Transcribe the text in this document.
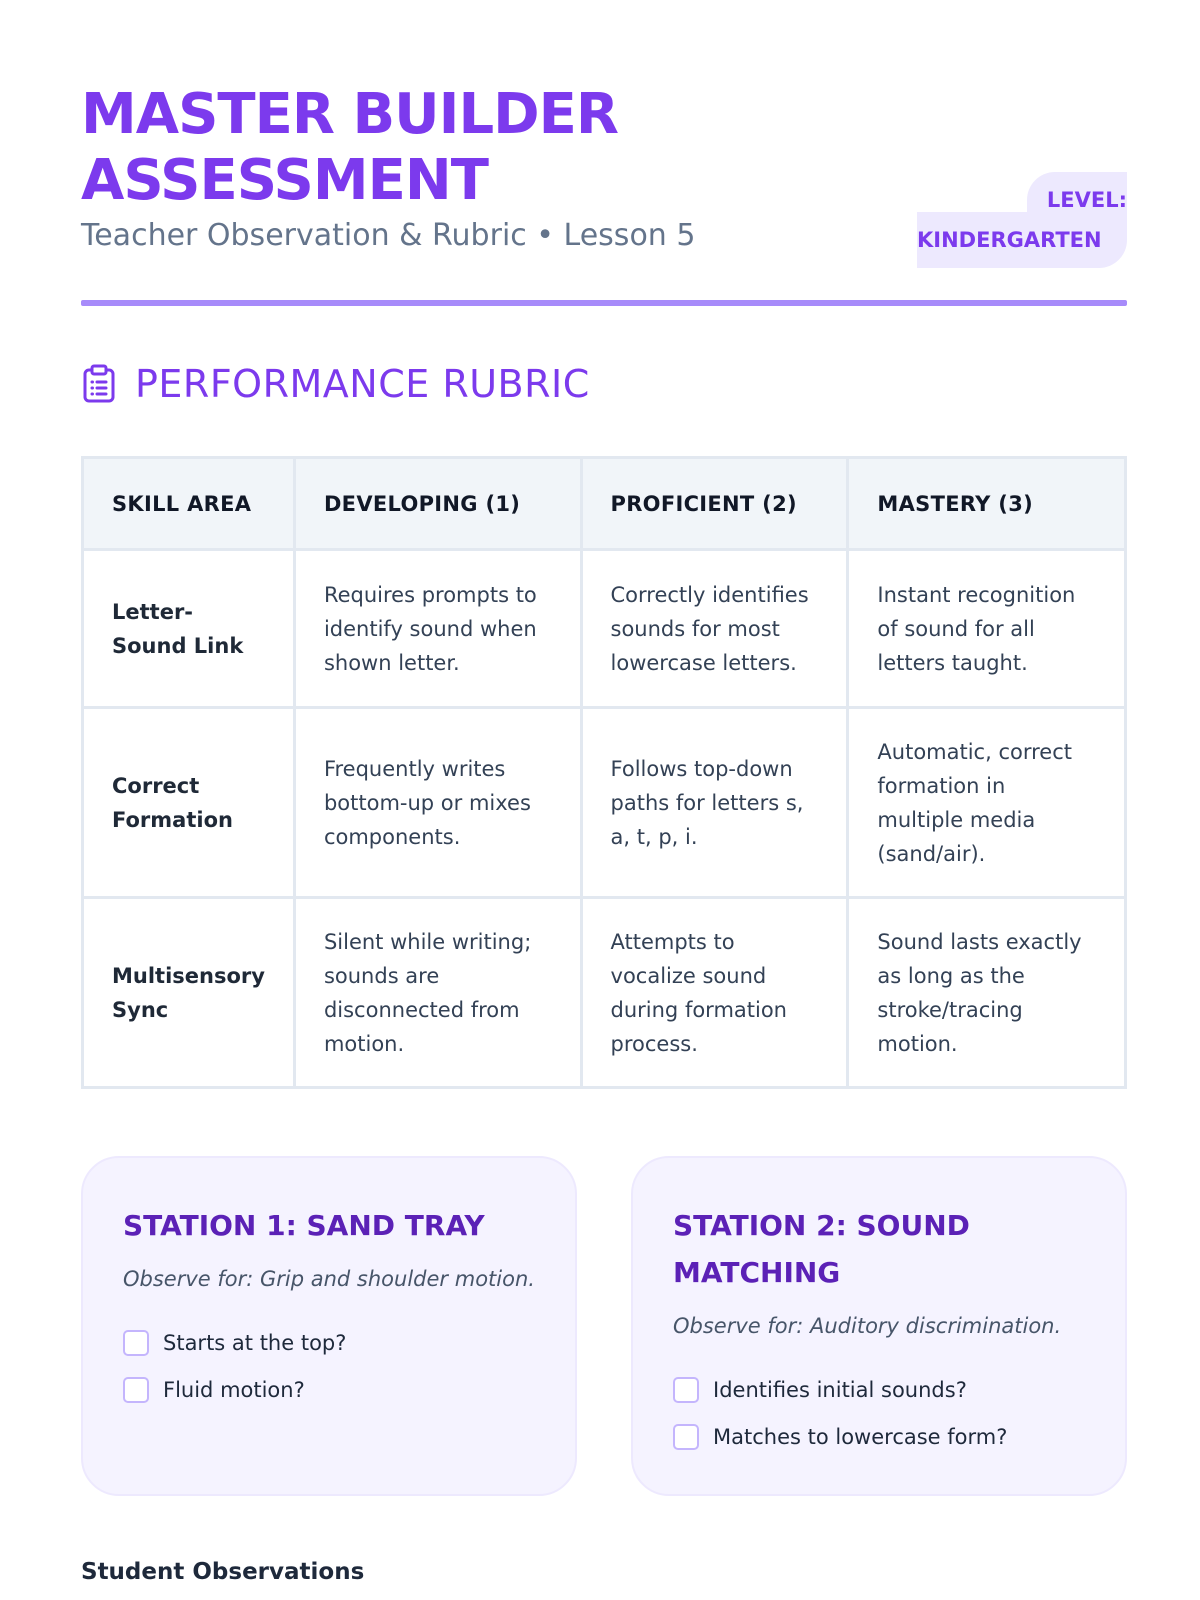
MASTER BUILDER ASSESSMENT
Teacher Observation & Rubric • Lesson 5
LEVEL:
KINDERGARTEN
PERFORMANCE RUBRIC
SKILL AREA	DEVELOPING (1)	PROFICIENT (2)	MASTERY (3)
Letter-Sound Link	Requires prompts to identify sound when shown letter.	Correctly identifies sounds for most lowercase letters.	Instant recognition of sound for all letters taught.
Correct Formation	Frequently writes bottom-up or mixes components.	Follows top-down paths for letters s, a, t, p, i.	Automatic, correct formation in multiple media (sand/air).
Multisensory Sync	Silent while writing; sounds are disconnected from motion.	Attempts to vocalize sound during formation process.	Sound lasts exactly as long as the stroke/tracing motion.
STATION 1: SAND TRAY

Observe for: Grip and shoulder motion.

Starts at the top?
Fluid motion?
STATION 2: SOUND MATCHING

Observe for: Auditory discrimination.

Identifies initial sounds?
Matches to lowercase form?
Student Observations
